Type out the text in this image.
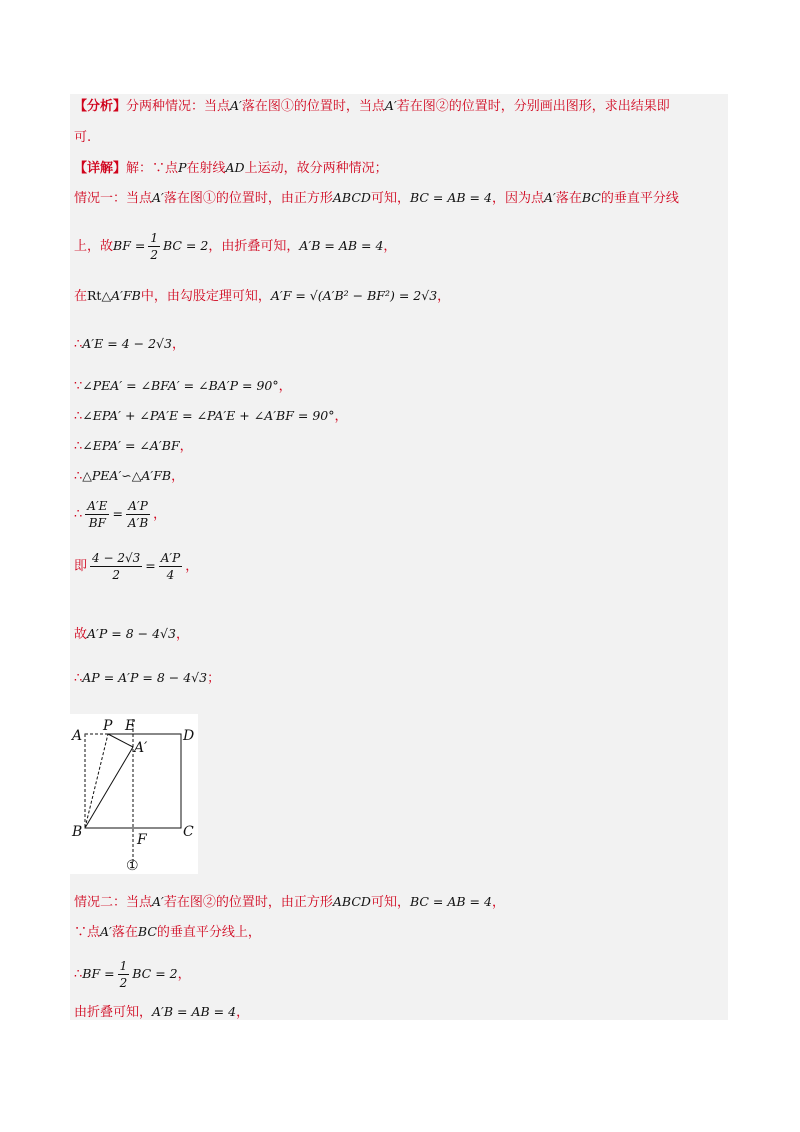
【分析】分两种情况：当点A′落在图①的位置时，当点A′若在图②的位置时，分别画出图形，求出结果即
可.
【详解】解：∵点P在射线AD上运动，故分两种情况；
情况一：当点A′落在图①的位置时，由正方形ABCD可知，BC = AB = 4，因为点A′落在BC的垂直平分线
上，故BF = $\frac{1}{2}$ BC = 2，由折叠可知，A′B = AB = 4，
在Rt△A′FB中，由勾股定理可知，A′F = √(A′B² − BF²) = 2√3，
∴A′E = 4 − 2√3，
∵∠PEA′ = ∠BFA′ = ∠BA′P = 90°，
∴∠EPA′ + ∠PA′E = ∠PA′E + ∠A′BF = 90°，
∴∠EPA′ = ∠A′BF，
∴△PEA′∽△A′FB，
∴ $\frac{A'E}{BF} = \frac{A'P}{A'B}$ ，
即 $\frac{4 - 2√3}{2} = \frac{A'P}{4}$ ，
故A′P = 8 − 4√3，
∴AP = A′P = 8 − 4√3；
A
P E
D
A′
B	F	C
①
情况二：当点A′若在图②的位置时，由正方形ABCD可知，BC = AB = 4，
∵点A′落在BC的垂直平分线上，
∴BF = $\frac{1}{2}$ BC = 2，
由折叠可知，A′B = AB = 4，
